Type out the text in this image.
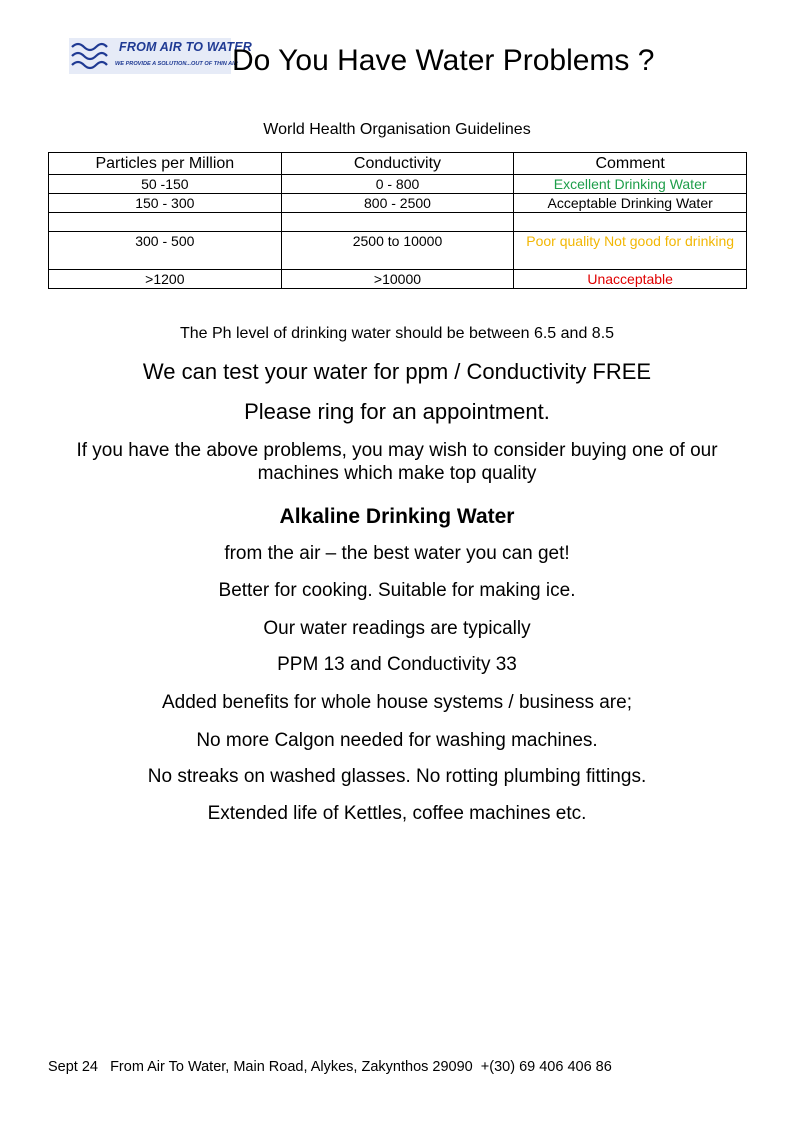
FROM AIR TO WATER
WE PROVIDE A SOLUTION...OUT OF THIN AIR
Do You Have Water Problems ?
World Health Organisation Guidelines
Particles per Million	Conductivity	Comment
50 -150	0 - 800	Excellent Drinking Water
150 - 300	800 - 2500	Acceptable Drinking Water

300 - 500	2500 to 10000	Poor quality Not good for drinking
>1200	>10000	Unacceptable
The Ph level of drinking water should be between 6.5 and 8.5
We can test your water for ppm / Conductivity FREE
Please ring for an appointment.
If you have the above problems, you may wish to consider buying one of our machines which make top quality
Alkaline Drinking Water
from the air – the best water you can get!
Better for cooking. Suitable for making ice.
Our water readings are typically
PPM 13 and Conductivity 33
Added benefits for whole house systems / business are;
No more Calgon needed for washing machines.
No streaks on washed glasses. No rotting plumbing fittings.
Extended life of Kettles, coffee machines etc.
Sept 24   From Air To Water, Main Road, Alykes, Zakynthos 29090  +(30) 69 406 406 86
